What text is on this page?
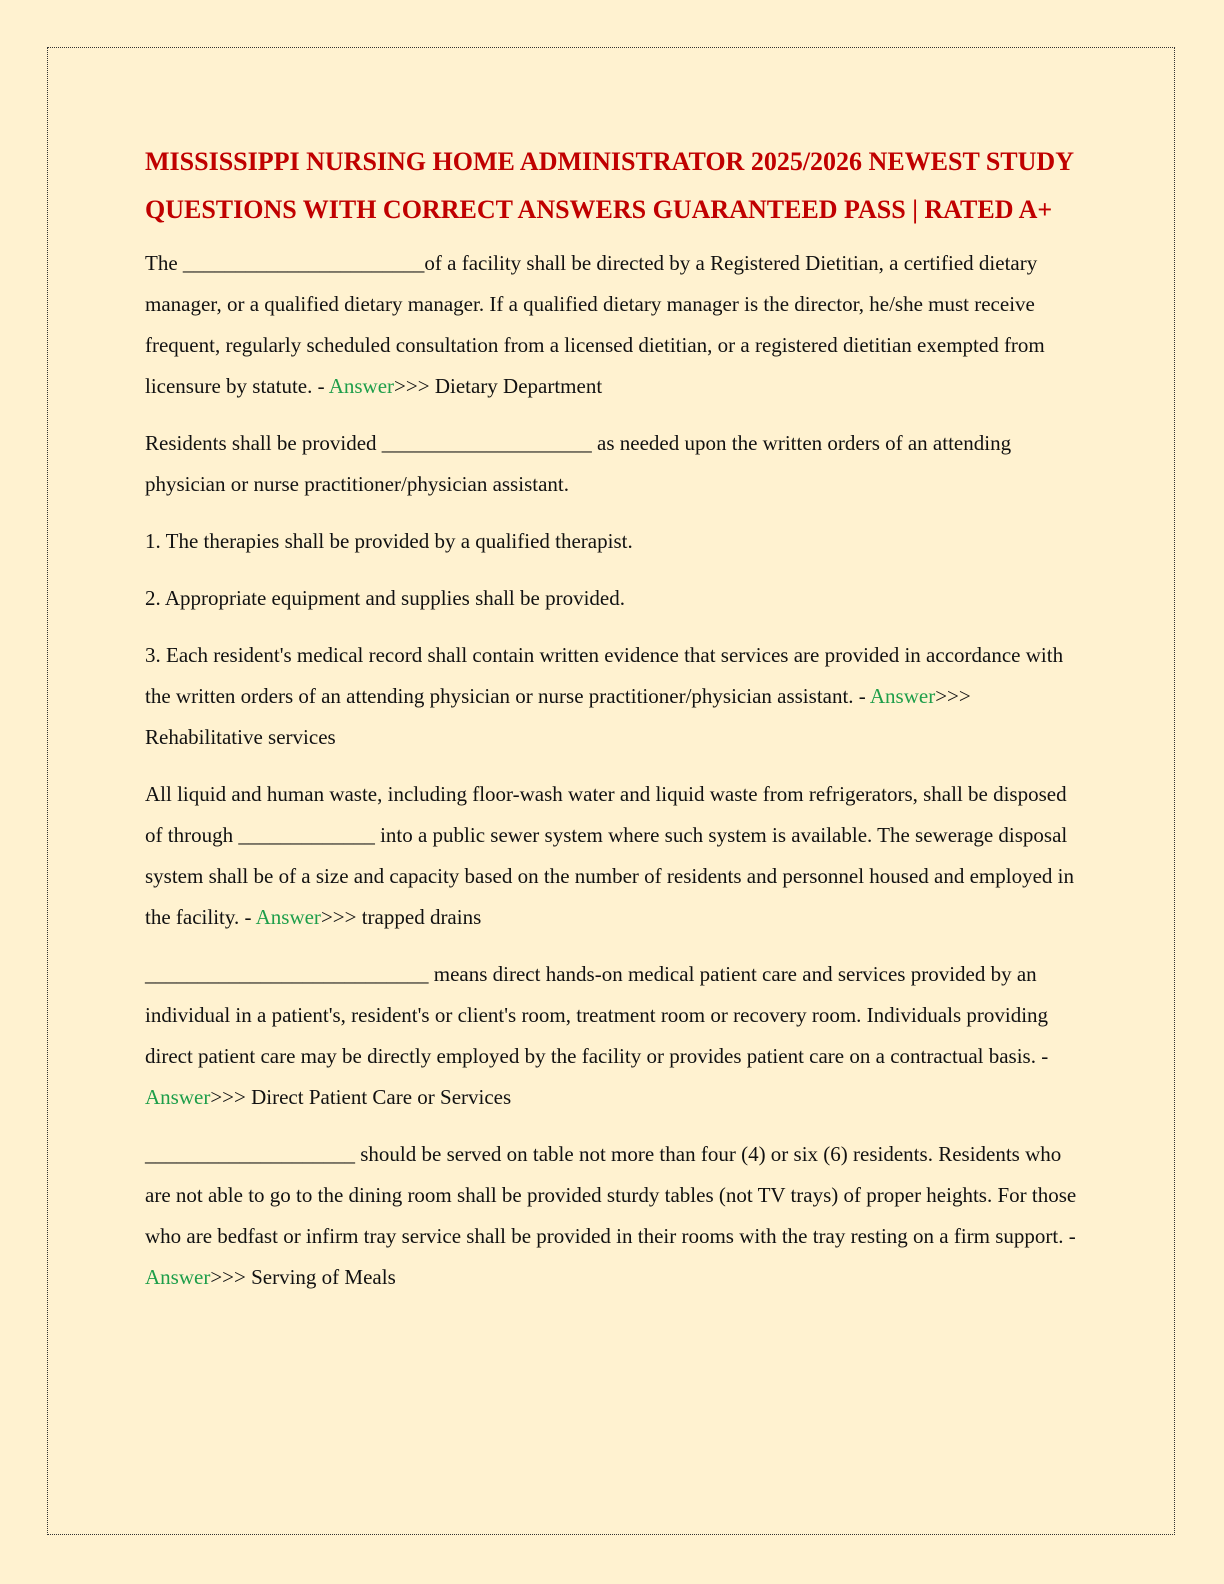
MISSISSIPPI NURSING HOME ADMINISTRATOR 2025/2026 NEWEST STUDY QUESTIONS WITH CORRECT ANSWERS GUARANTEED PASS | RATED A+

The _______________________of a facility shall be directed by a Registered Dietitian, a certified dietary manager, or a qualified dietary manager. If a qualified dietary manager is the director, he/she must receive frequent, regularly scheduled consultation from a licensed dietitian, or a registered dietitian exempted from licensure by statute. - Answer>>> Dietary Department

Residents shall be provided ____________________ as needed upon the written orders of an attending physician or nurse practitioner/physician assistant.

1. The therapies shall be provided by a qualified therapist.

2. Appropriate equipment and supplies shall be provided.

3. Each resident's medical record shall contain written evidence that services are provided in accordance with the written orders of an attending physician or nurse practitioner/physician assistant. - Answer>>> Rehabilitative services

All liquid and human waste, including floor-wash water and liquid waste from refrigerators, shall be disposed of through _____________ into a public sewer system where such system is available. The sewerage disposal system shall be of a size and capacity based on the number of residents and personnel housed and employed in the facility. - Answer>>> trapped drains

___________________________ means direct hands-on medical patient care and services provided by an individual in a patient's, resident's or client's room, treatment room or recovery room. Individuals providing direct patient care may be directly employed by the facility or provides patient care on a contractual basis. - Answer>>> Direct Patient Care or Services

____________________ should be served on table not more than four (4) or six (6) residents. Residents who are not able to go to the dining room shall be provided sturdy tables (not TV trays) of proper heights. For those who are bedfast or infirm tray service shall be provided in their rooms with the tray resting on a firm support. - Answer>>> Serving of Meals
